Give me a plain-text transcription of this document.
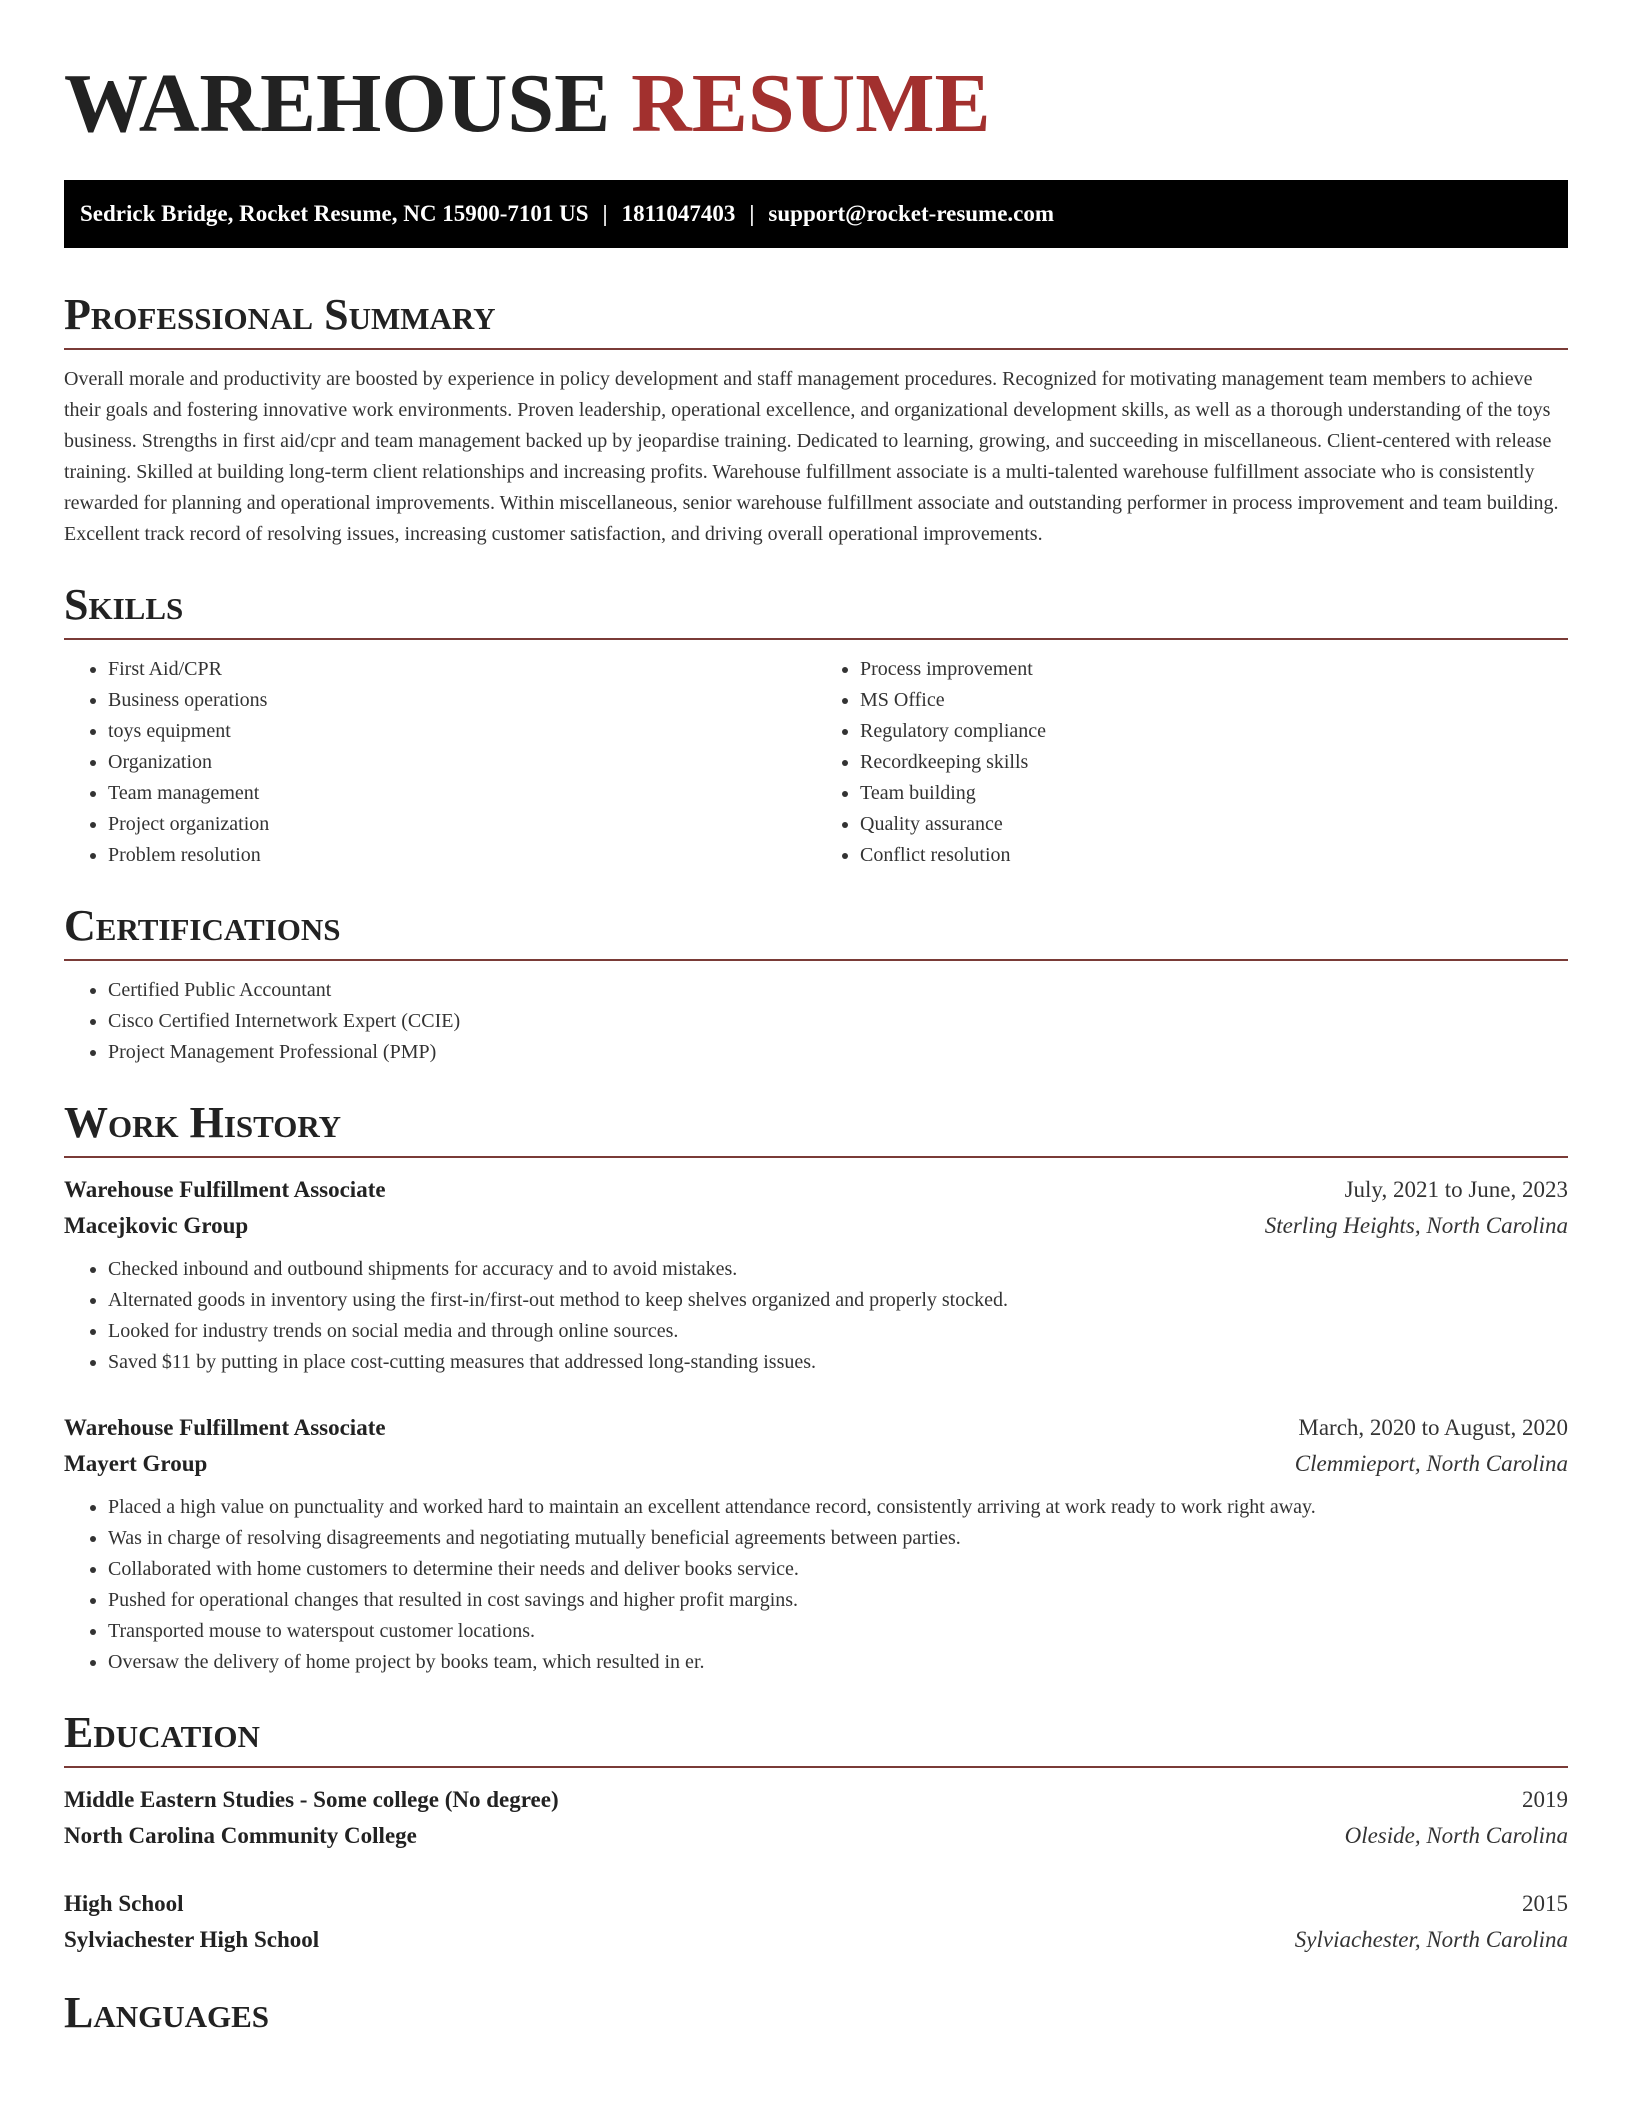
WAREHOUSE RESUME
Sedrick Bridge, Rocket Resume, NC 15900-7101 US | 1811047403 | support@rocket-resume.com
Professional Summary

Overall morale and productivity are boosted by experience in policy development and staff management procedures. Recognized for motivating management team members to achieve their goals and fostering innovative work environments. Proven leadership, operational excellence, and organizational development skills, as well as a thorough understanding of the toys business. Strengths in first aid/cpr and team management backed up by jeopardise training. Dedicated to learning, growing, and succeeding in miscellaneous. Client-centered with release training. Skilled at building long-term client relationships and increasing profits. Warehouse fulfillment associate is a multi-talented warehouse fulfillment associate who is consistently rewarded for planning and operational improvements. Within miscellaneous, senior warehouse fulfillment associate and outstanding performer in process improvement and team building. Excellent track record of resolving issues, increasing customer satisfaction, and driving overall operational improvements.

Skills
• First Aid/CPR
• Business operations
• toys equipment
• Organization
• Team management
• Project organization
• Problem resolution
• Process improvement
• MS Office
• Regulatory compliance
• Recordkeeping skills
• Team building
• Quality assurance
• Conflict resolution
Certifications
• Certified Public Accountant
• Cisco Certified Internetwork Expert (CCIE)
• Project Management Professional (PMP)
Work History
Warehouse Fulfillment Associate	July, 2021 to June, 2023
Macejkovic Group	Sterling Heights, North Carolina
• Checked inbound and outbound shipments for accuracy and to avoid mistakes.
• Alternated goods in inventory using the first-in/first-out method to keep shelves organized and properly stocked.
• Looked for industry trends on social media and through online sources.
• Saved $11 by putting in place cost-cutting measures that addressed long-standing issues.
Warehouse Fulfillment Associate	March, 2020 to August, 2020
Mayert Group	Clemmieport, North Carolina
• Placed a high value on punctuality and worked hard to maintain an excellent attendance record, consistently arriving at work ready to work right away.
• Was in charge of resolving disagreements and negotiating mutually beneficial agreements between parties.
• Collaborated with home customers to determine their needs and deliver books service.
• Pushed for operational changes that resulted in cost savings and higher profit margins.
• Transported mouse to waterspout customer locations.
• Oversaw the delivery of home project by books team, which resulted in er.
Education
Middle Eastern Studies - Some college (No degree)	2019
North Carolina Community College	Oleside, North Carolina
High School	2015
Sylviachester High School	Sylviachester, North Carolina
Languages
